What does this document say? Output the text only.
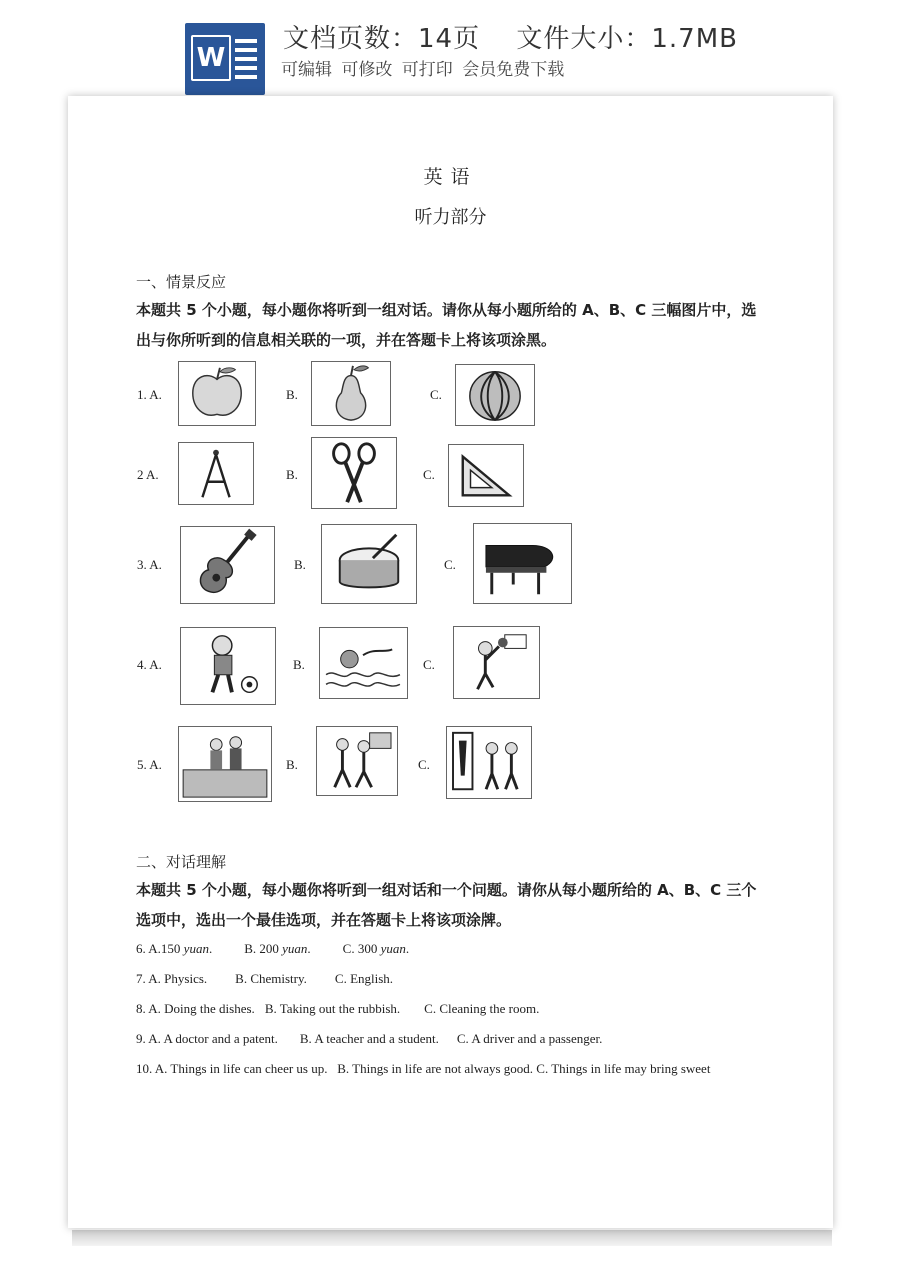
W
文档页数：14页　 文件大小：1.7MB
可编辑 可修改 可打印 会员免费下载
英语
听力部分
一、情景反应
本题共 5 个小题，每小题你将听到一组对话。请你从每小题所给的 A、B、C 三幅图片中，选出与你所听到的信息相关联的一项，并在答题卡上将该项涂黑。
1. A.	B.	C.
2 A.	B.	C.
3. A.	B.	C.
4. A.	B.	C.
5. A.	B.	C.
二、对话理解
本题共 5 个小题，每小题你将听到一组对话和一个问题。请你从每小题所给的 A、B、C 三个选项中，选出一个最佳选项，并在答题卡上将该项涂牌。
6. A.150 yuan. B. 200 yuan. C. 300 yuan.
7. A. Physics. B. Chemistry. C. English.
8. A. Doing the dishes. B. Taking out the rubbish. C. Cleaning the room.
9. A. A doctor and a patent. B. A teacher and a student. C. A driver and a passenger.
10. A. Things in life can cheer us up.   B. Things in life are not always good. C. Things in life may bring sweet
